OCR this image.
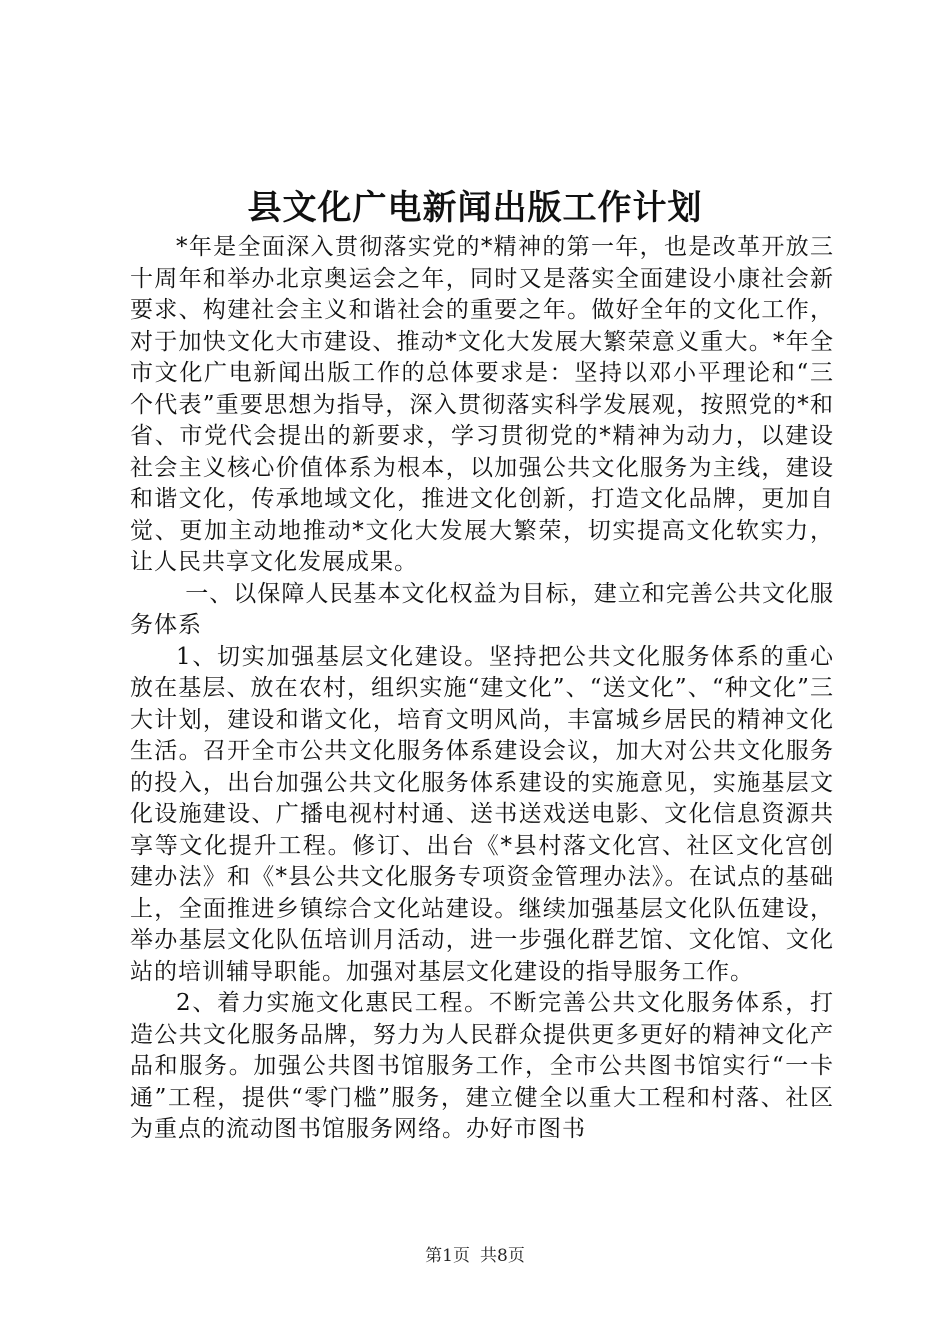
县文化广电新闻出版工作计划

*年是全面深入贯彻落实党的*精神的第一年，也是改革开放三十周年和举办北京奥运会之年，同时又是落实全面建设小康社会新要求、构建社会主义和谐社会的重要之年。做好全年的文化工作，对于加快文化大市建设、推动*文化大发展大繁荣意义重大。*年全市文化广电新闻出版工作的总体要求是：坚持以邓小平理论和“三个代表”重要思想为指导，深入贯彻落实科学发展观，按照党的*和省、市党代会提出的新要求，学习贯彻党的*精神为动力，以建设社会主义核心价值体系为根本，以加强公共文化服务为主线，建设和谐文化，传承地域文化，推进文化创新，打造文化品牌，更加自觉、更加主动地推动*文化大发展大繁荣，切实提高文化软实力，让人民共享文化发展成果。

一、以保障人民基本文化权益为目标，建立和完善公共文化服务体系

1、切实加强基层文化建设。坚持把公共文化服务体系的重心放在基层、放在农村，组织实施“建文化”、“送文化”、“种文化”三大计划，建设和谐文化，培育文明风尚，丰富城乡居民的精神文化生活。召开全市公共文化服务体系建设会议，加大对公共文化服务的投入，出台加强公共文化服务体系建设的实施意见，实施基层文化设施建设、广播电视村村通、送书送戏送电影、文化信息资源共享等文化提升工程。修订、出台《*县村落文化宫、社区文化宫创建办法》和《*县公共文化服务专项资金管理办法》。在试点的基础上，全面推进乡镇综合文化站建设。继续加强基层文化队伍建设，举办基层文化队伍培训月活动，进一步强化群艺馆、文化馆、文化站的培训辅导职能。加强对基层文化建设的指导服务工作。

2、着力实施文化惠民工程。不断完善公共文化服务体系，打造公共文化服务品牌，努力为人民群众提供更多更好的精神文化产品和服务。加强公共图书馆服务工作，全市公共图书馆实行“一卡通”工程，提供“零门槛”服务，建立健全以重大工程和村落、社区为重点的流动图书馆服务网络。办好市图书

第1页 共8页
